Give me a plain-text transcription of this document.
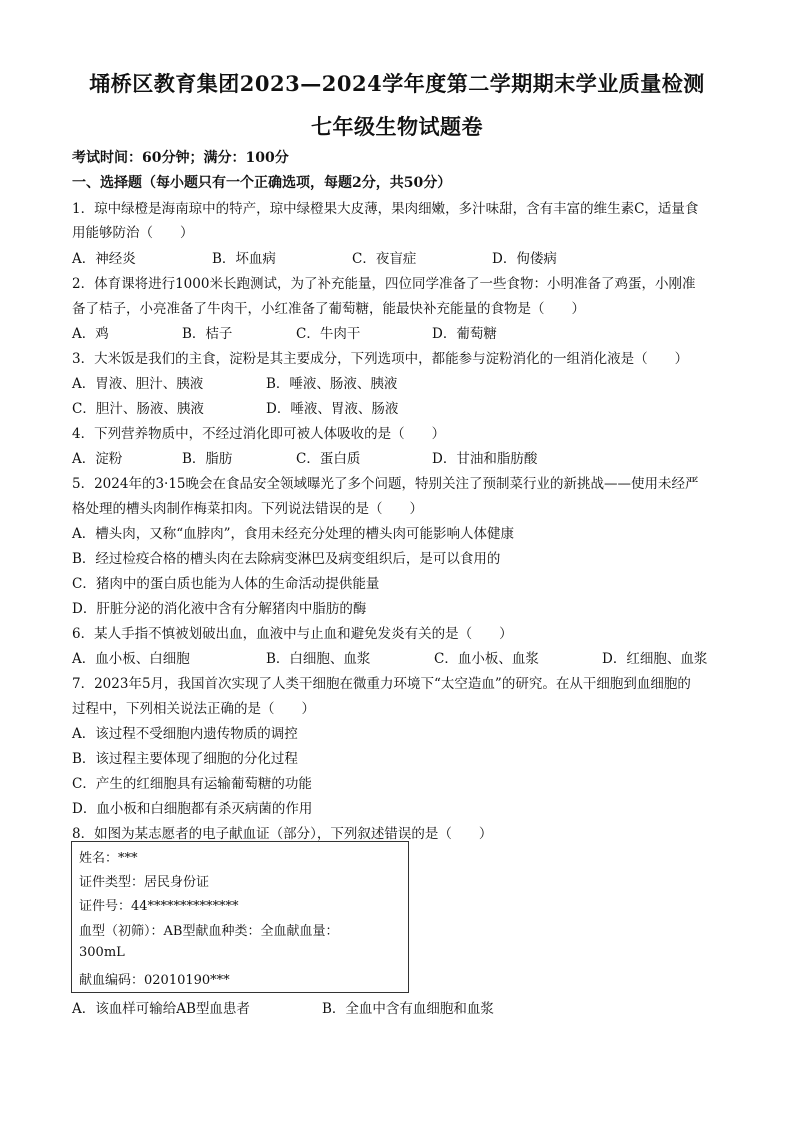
埇桥区教育集团2023—2024学年度第二学期期末学业质量检测
七年级生物试题卷
考试时间：60分钟；满分：100分
一、选择题（每小题只有一个正确选项，每题2分，共50分）
1．琼中绿橙是海南琼中的特产，琼中绿橙果大皮薄，果肉细嫩，多汁味甜，含有丰富的维生素C，适量食
用能够防治（　　）
A．神经炎	B．坏血病	C．夜盲症	D．佝偻病
2．体育课将进行1000米长跑测试，为了补充能量，四位同学准备了一些食物：小明准备了鸡蛋，小刚准
备了桔子，小亮准备了牛肉干，小红准备了葡萄糖，能最快补充能量的食物是（　　）
A．鸡	B．桔子	C．牛肉干	D．葡萄糖
3．大米饭是我们的主食，淀粉是其主要成分，下列选项中，都能参与淀粉消化的一组消化液是（　　）
A．胃液、胆汁、胰液	B．唾液、肠液、胰液
C．胆汁、肠液、胰液	D．唾液、胃液、肠液
4．下列营养物质中，不经过消化即可被人体吸收的是（　　）
A．淀粉	B．脂肪	C．蛋白质	D．甘油和脂肪酸
5．2024年的3·15晚会在食品安全领域曝光了多个问题，特别关注了预制菜行业的新挑战——使用未经严
格处理的槽头肉制作梅菜扣肉。下列说法错误的是（　　）
A．槽头肉，又称“血脖肉”，食用未经充分处理的槽头肉可能影响人体健康
B．经过检疫合格的槽头肉在去除病变淋巴及病变组织后，是可以食用的
C．猪肉中的蛋白质也能为人体的生命活动提供能量
D．肝脏分泌的消化液中含有分解猪肉中脂肪的酶
6．某人手指不慎被划破出血，血液中与止血和避免发炎有关的是（　　）
A．血小板、白细胞	B．白细胞、血浆	C．血小板、血浆	D．红细胞、血浆
7．2023年5月，我国首次实现了人类干细胞在微重力环境下“太空造血”的研究。在从干细胞到血细胞的
过程中，下列相关说法正确的是（　　）
A．该过程不受细胞内遗传物质的调控
B．该过程主要体现了细胞的分化过程
C．产生的红细胞具有运输葡萄糖的功能
D．血小板和白细胞都有杀灭病菌的作用
8．如图为某志愿者的电子献血证（部分），下列叙述错误的是（　　）
姓名：***
证件类型：居民身份证
证件号：44**************
血型（初筛）：AB型献血种类：全血献血量：
300mL
献血编码：02010190***
A．该血样可输给AB型血患者	B．全血中含有血细胞和血浆
